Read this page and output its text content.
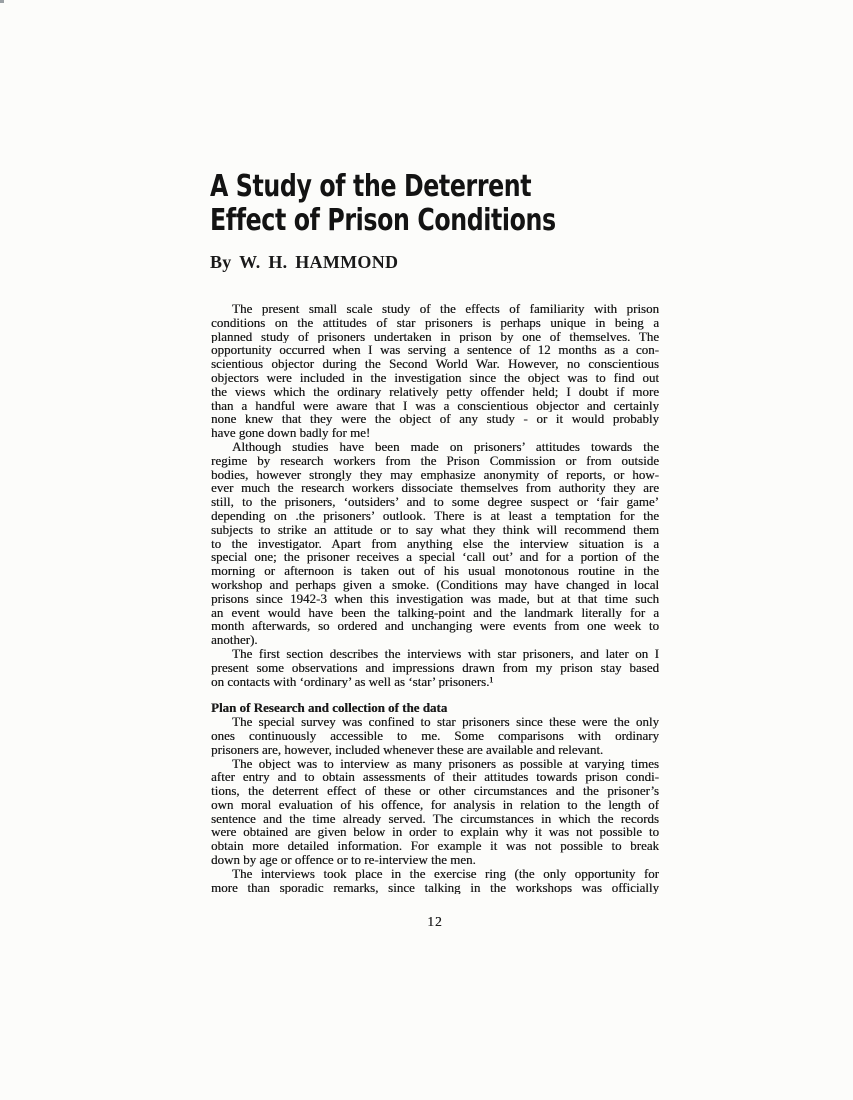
A Study of the Deterrent
Effect of Prison Conditions
By W. H. HAMMOND
The present small scale study of the effects of familiarity with prison
conditions on the attitudes of star prisoners is perhaps unique in being a
planned study of prisoners undertaken in prison by one of themselves. The
opportunity occurred when I was serving a sentence of 12 months as a con-
scientious objector during the Second World War. However, no conscientious
objectors were included in the investigation since the object was to find out
the views which the ordinary relatively petty offender held; I doubt if more
than a handful were aware that I was a conscientious objector and certainly
none knew that they were the object of any study - or it would probably
have gone down badly for me!
Although studies have been made on prisoners’ attitudes towards the
regime by research workers from the Prison Commission or from outside
bodies, however strongly they may emphasize anonymity of reports, or how-
ever much the research workers dissociate themselves from authority they are
still, to the prisoners, ‘outsiders’ and to some degree suspect or ‘fair game’
depending on .the prisoners’ outlook. There is at least a temptation for the
subjects to strike an attitude or to say what they think will recommend them
to the investigator. Apart from anything else the interview situation is a
special one; the prisoner receives a special ‘call out’ and for a portion of the
morning or afternoon is taken out of his usual monotonous routine in the
workshop and perhaps given a smoke. (Conditions may have changed in local
prisons since 1942-3 when this investigation was made, but at that time such
an event would have been the talking-point and the landmark literally for a
month afterwards, so ordered and unchanging were events from one week to
another).
The first section describes the interviews with star prisoners, and later on I
present some observations and impressions drawn from my prison stay based
on contacts with ‘ordinary’ as well as ‘star’ prisoners.¹
Plan of Research and collection of the data
The special survey was confined to star prisoners since these were the only
ones continuously accessible to me. Some comparisons with ordinary
prisoners are, however, included whenever these are available and relevant.
The object was to interview as many prisoners as possible at varying times
after entry and to obtain assessments of their attitudes towards prison condi-
tions, the deterrent effect of these or other circumstances and the prisoner’s
own moral evaluation of his offence, for analysis in relation to the length of
sentence and the time already served. The circumstances in which the records
were obtained are given below in order to explain why it was not possible to
obtain more detailed information. For example it was not possible to break
down by age or offence or to re-interview the men.
The interviews took place in the exercise ring (the only opportunity for
more than sporadic remarks, since talking in the workshops was officially
12
